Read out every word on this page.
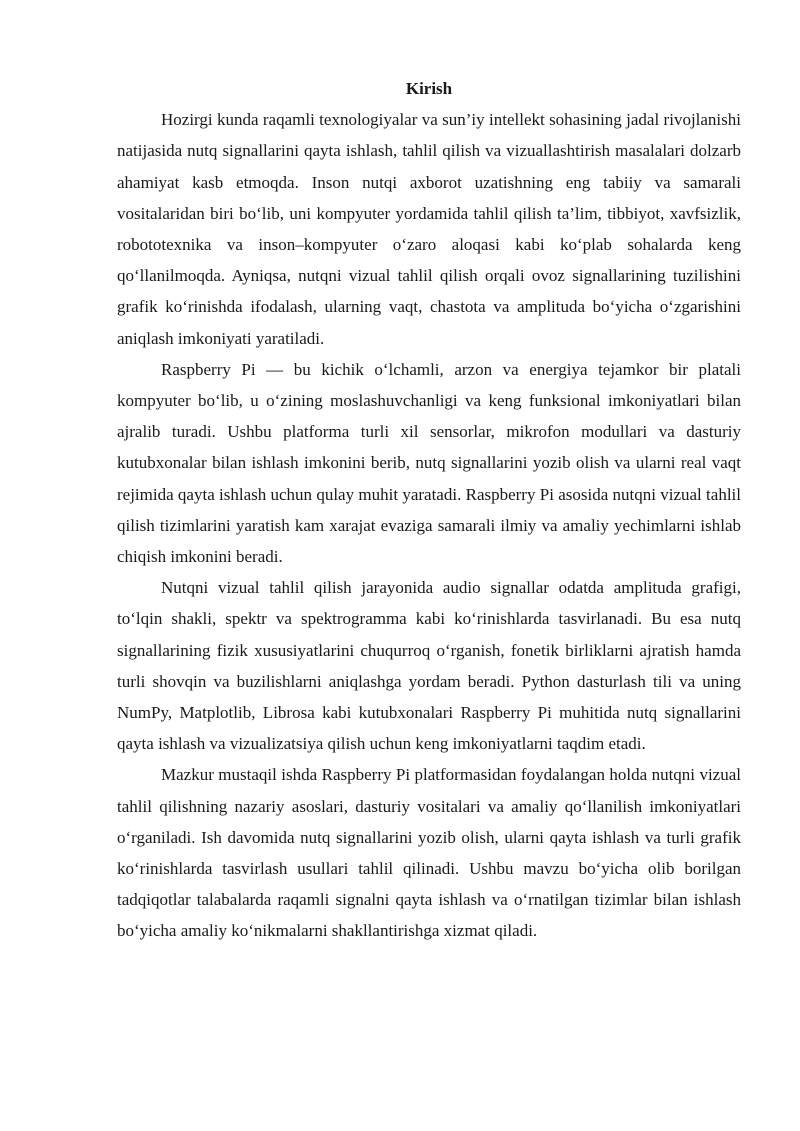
Kirish

Hozirgi kunda raqamli texnologiyalar va sun’iy intellekt sohasining jadal rivojlanishi natijasida nutq signallarini qayta ishlash, tahlil qilish va vizuallashtirish masalalari dolzarb ahamiyat kasb etmoqda. Inson nutqi axborot uzatishning eng tabiiy va samarali vositalaridan biri boʻlib, uni kompyuter yordamida tahlil qilish ta’lim, tibbiyot, xavfsizlik, robototexnika va inson–kompyuter oʻzaro aloqasi kabi koʻplab sohalarda keng qoʻllanilmoqda. Ayniqsa, nutqni vizual tahlil qilish orqali ovoz signallarining tuzilishini grafik koʻrinishda ifodalash, ularning vaqt, chastota va amplituda boʻyicha oʻzgarishini aniqlash imkoniyati yaratiladi.

Raspberry Pi — bu kichik oʻlchamli, arzon va energiya tejamkor bir platali kompyuter boʻlib, u oʻzining moslashuvchanligi va keng funksional imkoniyatlari bilan ajralib turadi. Ushbu platforma turli xil sensorlar, mikrofon modullari va dasturiy kutubxonalar bilan ishlash imkonini berib, nutq signallarini yozib olish va ularni real vaqt rejimida qayta ishlash uchun qulay muhit yaratadi. Raspberry Pi asosida nutqni vizual tahlil qilish tizimlarini yaratish kam xarajat evaziga samarali ilmiy va amaliy yechimlarni ishlab chiqish imkonini beradi.

Nutqni vizual tahlil qilish jarayonida audio signallar odatda amplituda grafigi, toʻlqin shakli, spektr va spektrogramma kabi koʻrinishlarda tasvirlanadi. Bu esa nutq signallarining fizik xususiyatlarini chuqurroq oʻrganish, fonetik birliklarni ajratish hamda turli shovqin va buzilishlarni aniqlashga yordam beradi. Python dasturlash tili va uning NumPy, Matplotlib, Librosa kabi kutubxonalari Raspberry Pi muhitida nutq signallarini qayta ishlash va vizualizatsiya qilish uchun keng imkoniyatlarni taqdim etadi.

Mazkur mustaqil ishda Raspberry Pi platformasidan foydalangan holda nutqni vizual tahlil qilishning nazariy asoslari, dasturiy vositalari va amaliy qoʻllanilish imkoniyatlari oʻrganiladi. Ish davomida nutq signallarini yozib olish, ularni qayta ishlash va turli grafik koʻrinishlarda tasvirlash usullari tahlil qilinadi. Ushbu mavzu boʻyicha olib borilgan tadqiqotlar talabalarda raqamli signalni qayta ishlash va oʻrnatilgan tizimlar bilan ishlash boʻyicha amaliy koʻnikmalarni shakllantirishga xizmat qiladi.
